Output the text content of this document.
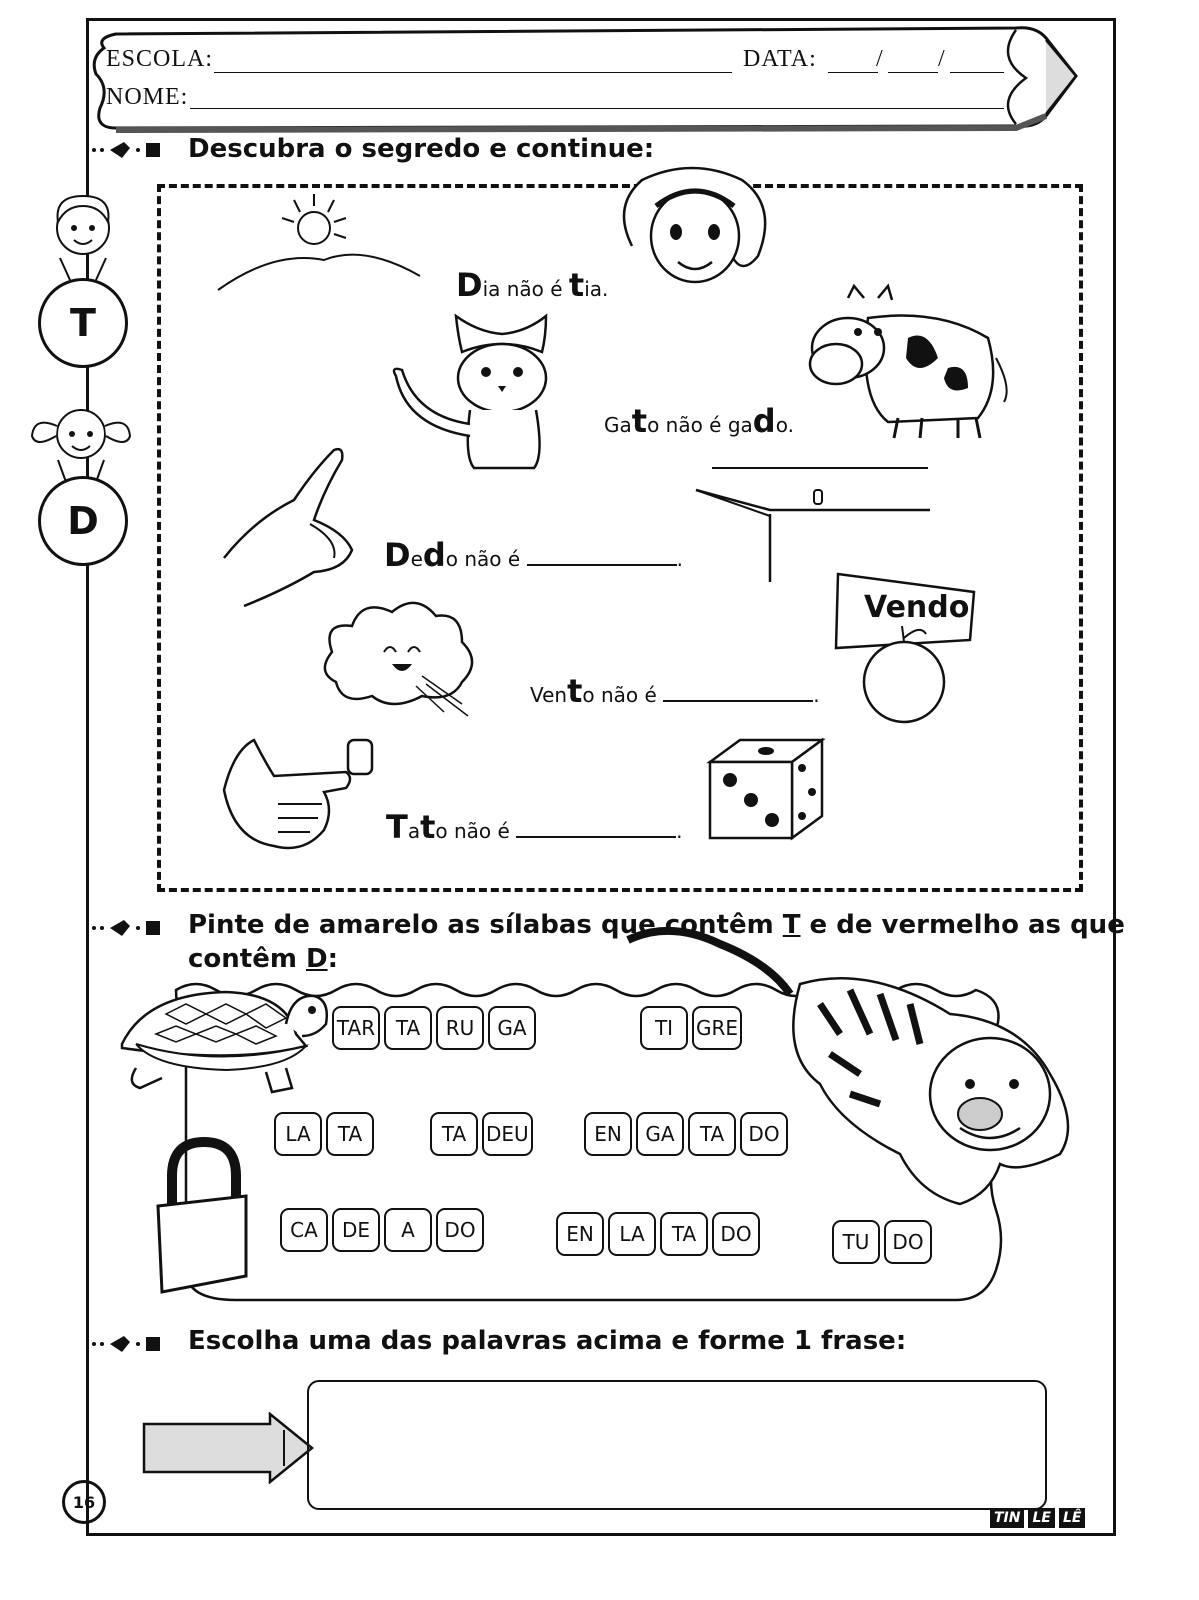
ESCOLA:	DATA: / /
NOME:
T
D
Descubra o segredo e continue:
Dia não é tia.
Gato não é gado.
Dedo não é	.
Vendo
Vento não é	.
Tato não é	.
Pinte de amarelo as sílabas que contêm T e de vermelho as que
contêm D:
TAR	TA	RU	GA	TI	GRE
LA	TA	TA DEU	EN	GA	TA	DO
CA	DE	A	DO	EN	LA	TA	DO	TU	DO
Escolha uma das palavras acima e forme 1 frase:
16
TIN LE LÊ
